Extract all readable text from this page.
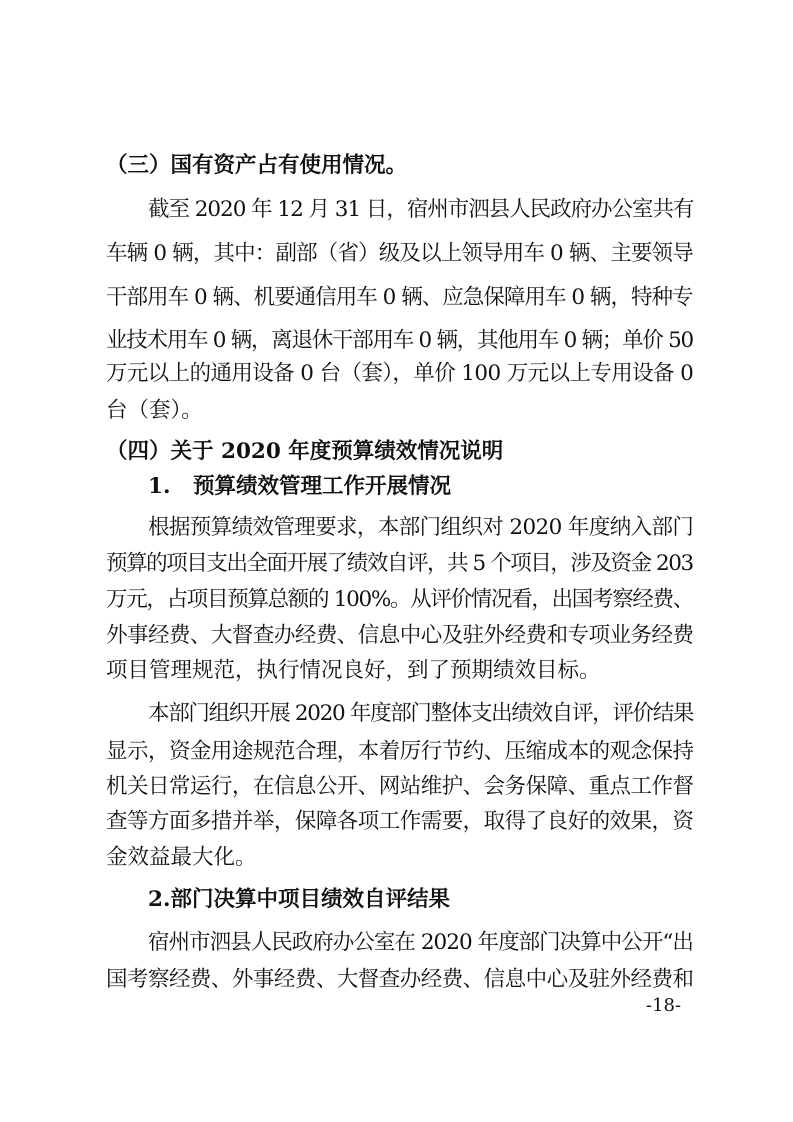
（三）国有资产占有使用情况。
截至 2020 年 12 月 31 日，宿州市泗县人民政府办公室共有
车辆 0 辆，其中：副部（省）级及以上领导用车 0 辆、主要领导
干部用车 0 辆、机要通信用车 0 辆、应急保障用车 0 辆，特种专
业技术用车 0 辆，离退休干部用车 0 辆，其他用车 0 辆；单价 50
万元以上的通用设备 0 台（套），单价 100 万元以上专用设备 0
台（套）。
（四）关于 2020 年度预算绩效情况说明
1.	预算绩效管理工作开展情况
根据预算绩效管理要求，本部门组织对 2020 年度纳入部门
预算的项目支出全面开展了绩效自评，共 5 个项目，涉及资金 203
万元，占项目预算总额的 100%。从评价情况看，出国考察经费、
外事经费、大督查办经费、信息中心及驻外经费和专项业务经费
项目管理规范，执行情况良好，到了预期绩效目标。
本部门组织开展 2020 年度部门整体支出绩效自评，评价结果
显示，资金用途规范合理，本着厉行节约、压缩成本的观念保持
机关日常运行，在信息公开、网站维护、会务保障、重点工作督
查等方面多措并举，保障各项工作需要，取得了良好的效果，资
金效益最大化。
2.部门决算中项目绩效自评结果
宿州市泗县人民政府办公室在 2020 年度部门决算中公开“出
国考察经费、外事经费、大督查办经费、信息中心及驻外经费和
-18-
